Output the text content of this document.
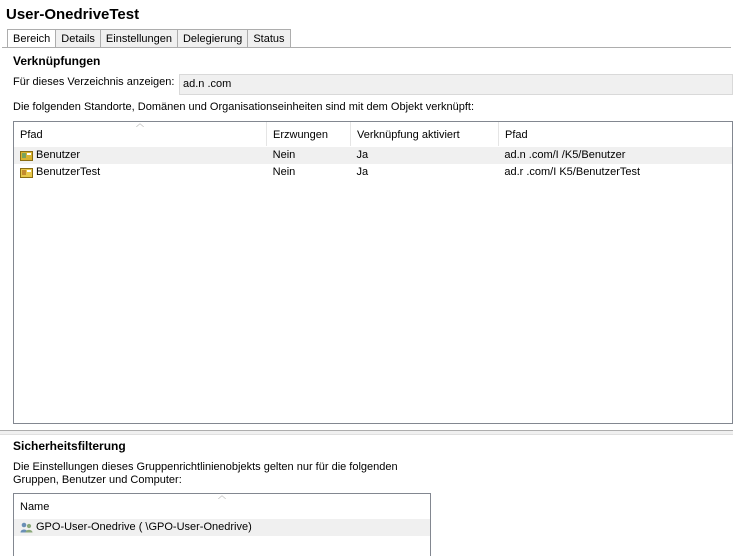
User-OnedriveTest
Bereich	Details	Einstellungen	Delegierung	Status
Verknüpfungen
Für dieses Verzeichnis anzeigen: ad.n .com
Die folgenden Standorte, Domänen und Organisationseinheiten sind mit dem Objekt verknüpft:
︿
Pfad	Erzwungen	Verknüpfung aktiviert	Pfad
Benutzer	Nein	Ja	ad.n .com/I /K5/Benutzer
BenutzerTest	Nein	Ja	ad.r .com/I K5/BenutzerTest
Sicherheitsfilterung
Die Einstellungen dieses Gruppenrichtlinienobjekts gelten nur für die folgenden
Gruppen, Benutzer und Computer:
︿
Name
GPO-User-Onedrive ( \GPO-User-Onedrive)
